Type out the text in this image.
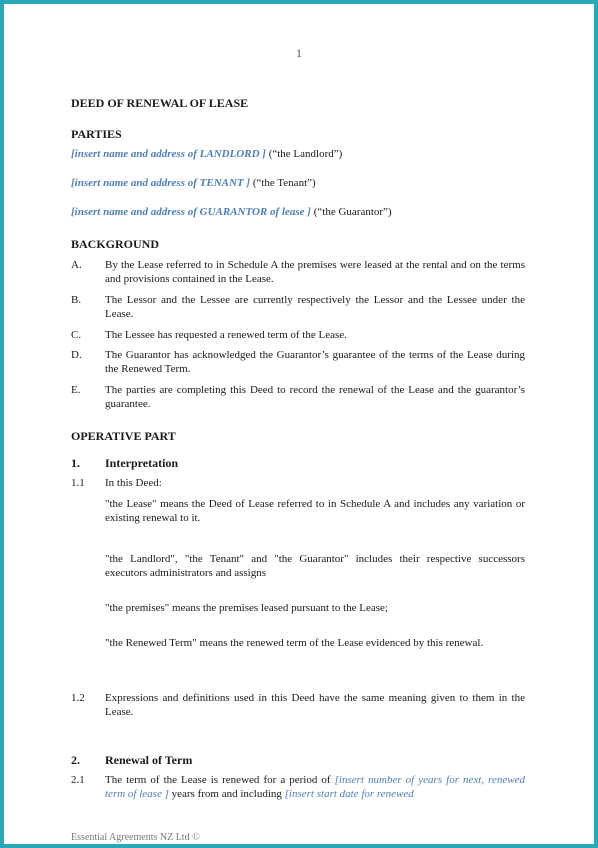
1
DEED OF RENEWAL OF LEASE
PARTIES
[insert name and address of LANDLORD ] (“the Landlord”)
[insert name and address of TENANT ] (“the Tenant”)
[insert name and address of GUARANTOR of lease ] (“the Guarantor”)
BACKGROUND
A. By the Lease referred to in Schedule A the premises were leased at the rental and on the terms and provisions contained in the Lease.
B. The Lessor and the Lessee are currently respectively the Lessor and the Lessee under the Lease.
C. The Lessee has requested a renewed term of the Lease.
D. The Guarantor has acknowledged the Guarantor’s guarantee of the terms of the Lease during the Renewed Term.
E. The parties are completing this Deed to record the renewal of the Lease and the guarantor’s guarantee.
OPERATIVE PART
1. Interpretation
1.1 In this Deed:
"the Lease" means the Deed of Lease referred to in Schedule A and includes any variation or existing renewal to it.
"the Landlord", "the Tenant" and "the Guarantor" includes their respective successors executors administrators and assigns
"the premises" means the premises leased pursuant to the Lease;
"the Renewed Term" means the renewed term of the Lease evidenced by this renewal.
1.2 Expressions and definitions used in this Deed have the same meaning given to them in the Lease.
2. Renewal of Term
2.1 The term of the Lease is renewed for a period of [insert number of years for next, renewed term of lease ] years from and including [insert start date for renewed
Essential Agreements NZ Ltd ©
